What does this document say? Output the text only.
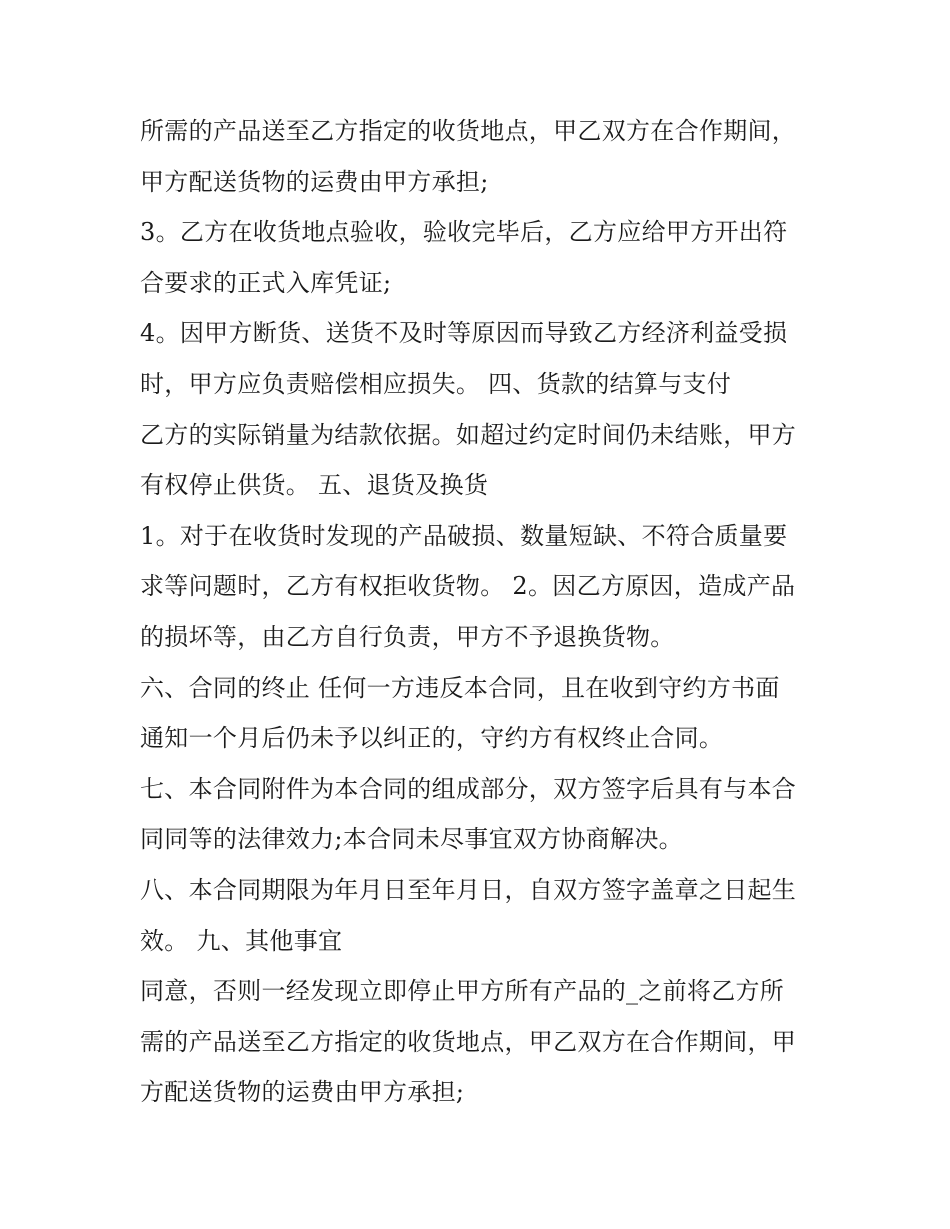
所需的产品送至乙方指定的收货地点，甲乙双方在合作期间，
甲方配送货物的运费由甲方承担;
3。乙方在收货地点验收，验收完毕后，乙方应给甲方开出符
合要求的正式入库凭证;
4。因甲方断货、送货不及时等原因而导致乙方经济利益受损
时，甲方应负责赔偿相应损失。 四、货款的结算与支付
乙方的实际销量为结款依据。如超过约定时间仍未结账，甲方
有权停止供货。 五、退货及换货
1。对于在收货时发现的产品破损、数量短缺、不符合质量要
求等问题时，乙方有权拒收货物。 2。因乙方原因，造成产品
的损坏等，由乙方自行负责，甲方不予退换货物。
六、合同的终止 任何一方违反本合同，且在收到守约方书面
通知一个月后仍未予以纠正的，守约方有权终止合同。
七、本合同附件为本合同的组成部分，双方签字后具有与本合
同同等的法律效力;本合同未尽事宜双方协商解决。
八、本合同期限为年月日至年月日，自双方签字盖章之日起生
效。 九、其他事宜
同意，否则一经发现立即停止甲方所有产品的_之前将乙方所
需的产品送至乙方指定的收货地点，甲乙双方在合作期间，甲
方配送货物的运费由甲方承担;
